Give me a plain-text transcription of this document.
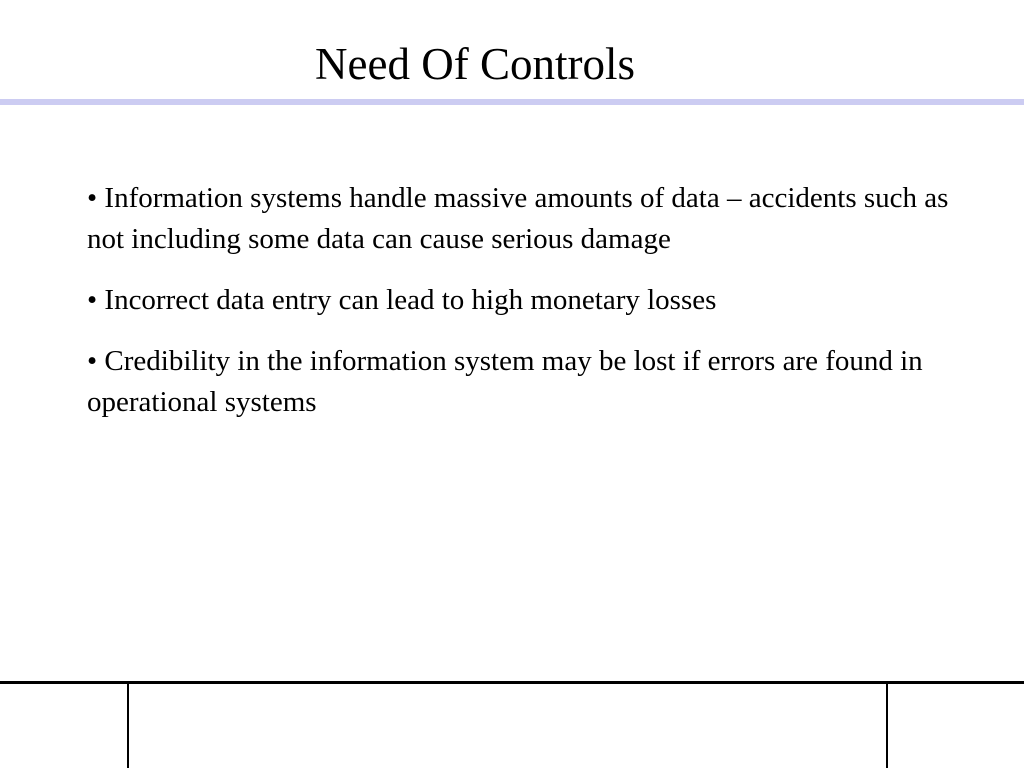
Need Of Controls
• Information systems handle massive amounts of data – accidents such as not including some data can cause serious damage
• Incorrect data entry can lead to high monetary losses
• Credibility in the information system may be lost if errors are found in operational systems
